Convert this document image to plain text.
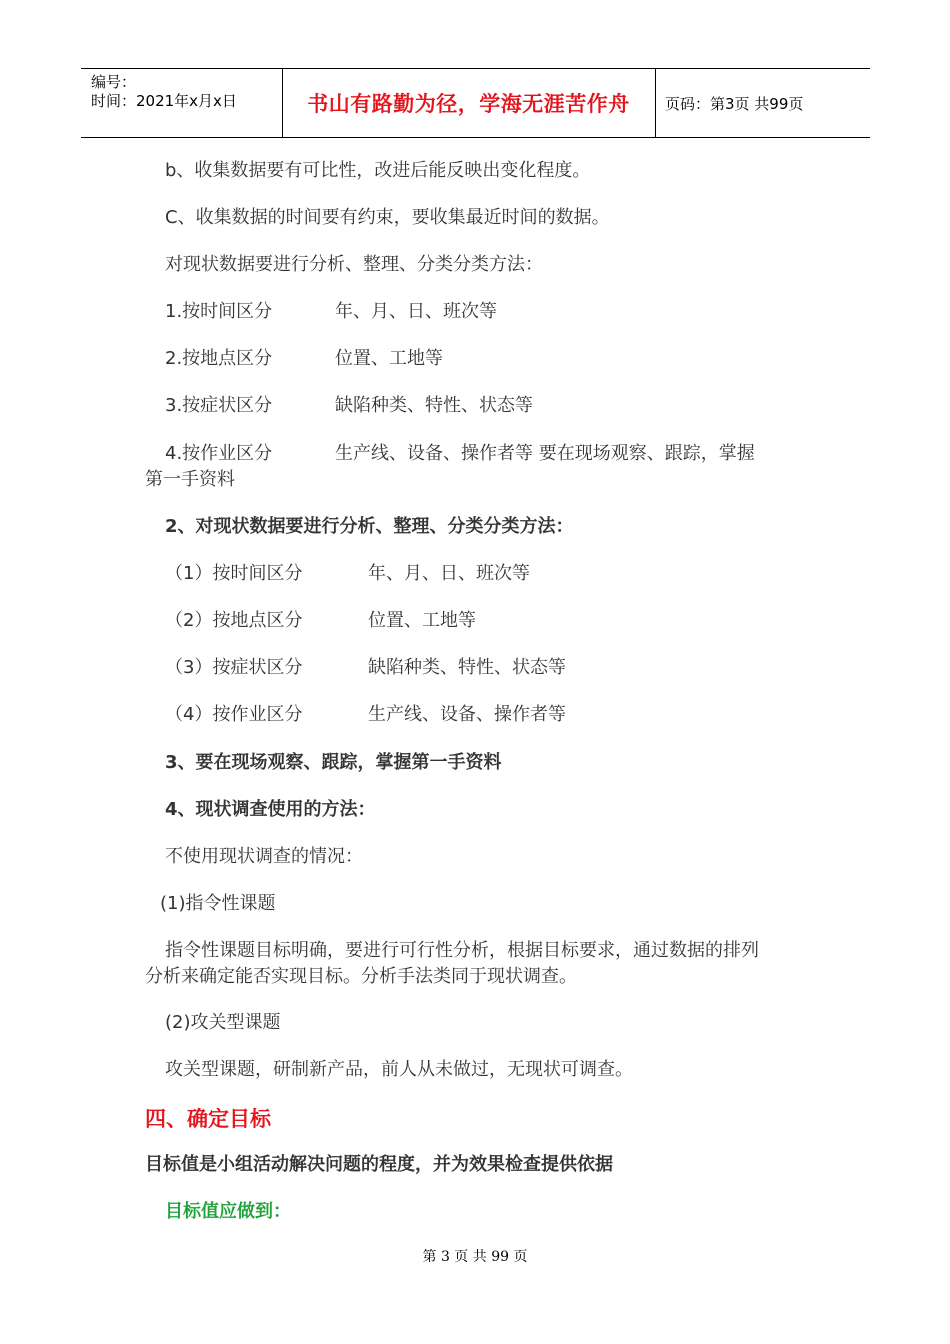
编号：
时间：2021年x月x日	书山有路勤为径，学海无涯苦作舟	页码：第3页 共99页
b、收集数据要有可比性，改进后能反映出变化程度。
C、收集数据的时间要有约束，要收集最近时间的数据。
对现状数据要进行分析、整理、分类分类方法：
1.按时间区分	年、月、日、班次等
2.按地点区分	位置、工地等
3.按症状区分	缺陷种类、特性、状态等
4.按作业区分	生产线、设备、操作者等 要在现场观察、跟踪，掌握
第一手资料
2、对现状数据要进行分析、整理、分类分类方法：
（1）按时间区分	年、月、日、班次等
（2）按地点区分	位置、工地等
（3）按症状区分	缺陷种类、特性、状态等
（4）按作业区分	生产线、设备、操作者等
3、要在现场观察、跟踪，掌握第一手资料
4、现状调查使用的方法：
不使用现状调查的情况：
(1)指令性课题
指令性课题目标明确，要进行可行性分析，根据目标要求，通过数据的排列
分析来确定能否实现目标。分析手法类同于现状调查。
(2)攻关型课题
攻关型课题，研制新产品，前人从未做过，无现状可调查。
四、确定目标
目标值是小组活动解决问题的程度，并为效果检查提供依据
目标值应做到：
第 3 页 共 99 页
